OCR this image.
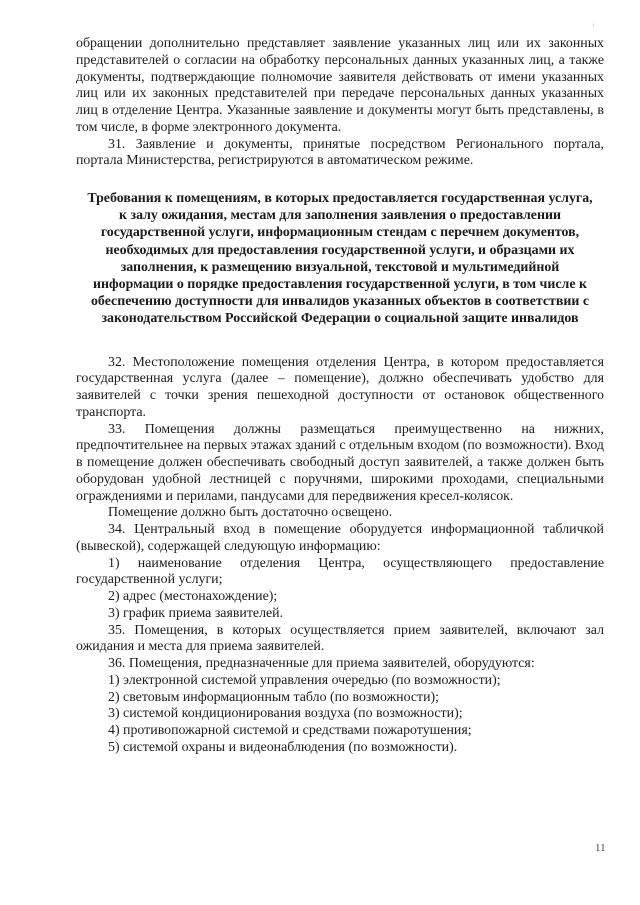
ʻ

обращении дополнительно представляет заявление указанных лиц или их законных представителей о согласии на обработку персональных данных указанных лиц, а также документы, подтверждающие полномочие заявителя действовать от имени указанных лиц или их законных представителей при передаче персональных данных указанных лиц в отделение Центра. Указанные заявление и документы могут быть представлены, в том числе, в форме электронного документа.

31. Заявление и документы, принятые посредством Регионального портала, портала Министерства, регистрируются в автоматическом режиме.

Требования к помещениям, в которых предоставляется государственная услуга, к залу ожидания, местам для заполнения заявления о предоставлении государственной услуги, информационным стендам с перечнем документов, необходимых для предоставления государственной услуги, и образцами их заполнения, к размещению визуальной, текстовой и мультимедийной информации о порядке предоставления государственной услуги, в том числе к обеспечению доступности для инвалидов указанных объектов в соответствии с законодательством Российской Федерации о социальной защите инвалидов

32. Местоположение помещения отделения Центра, в котором предоставляется государственная услуга (далее – помещение), должно обеспечивать удобство для заявителей с точки зрения пешеходной доступности от остановок общественного транспорта.

33. Помещения должны размещаться преимущественно на нижних, предпочтительнее на первых этажах зданий с отдельным входом (по возможности). Вход в помещение должен обеспечивать свободный доступ заявителей, а также должен быть оборудован удобной лестницей с поручнями, широкими проходами, специальными ограждениями и перилами, пандусами для передвижения кресел-колясок.

Помещение должно быть достаточно освещено.

34. Центральный вход в помещение оборудуется информационной табличкой (вывеской), содержащей следующую информацию:

1) наименование отделения Центра, осуществляющего предоставление государственной услуги;

2) адрес (местонахождение);

3) график приема заявителей.

35. Помещения, в которых осуществляется прием заявителей, включают зал ожидания и места для приема заявителей.

36. Помещения, предназначенные для приема заявителей, оборудуются:

1) электронной системой управления очередью (по возможности);

2) световым информационным табло (по возможности);

3) системой кондиционирования воздуха (по возможности);

4) противопожарной системой и средствами пожаротушения;

5) системой охраны и видеонаблюдения (по возможности).

11
